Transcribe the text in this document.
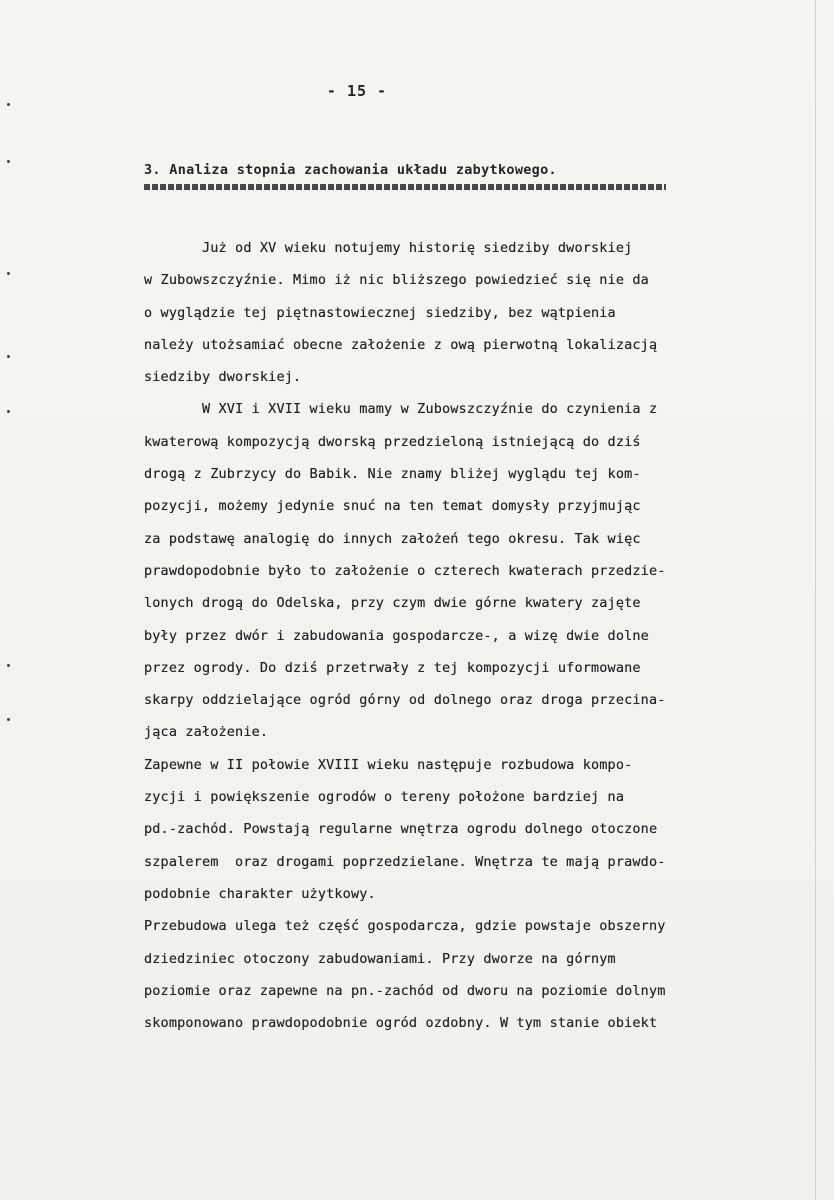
- 15 -
3. Analiza stopnia zachowania układu zabytkowego.
Już od XV wieku notujemy historię siedziby dworskiej
w Zubowszczyźnie. Mimo iż nic bliższego powiedzieć się nie da
o wyglądzie tej piętnastowiecznej siedziby, bez wątpienia
należy utożsamiać obecne założenie z ową pierwotną lokalizacją
siedziby dworskiej.
W XVI i XVII wieku mamy w Zubowszczyźnie do czynienia z
kwaterową kompozycją dworską przedzieloną istniejącą do dziś
drogą z Zubrzycy do Babik. Nie znamy bliżej wyglądu tej kom-
pozycji, możemy jedynie snuć na ten temat domysły przyjmując
za podstawę analogię do innych założeń tego okresu. Tak więc
prawdopodobnie było to założenie o czterech kwaterach przedzie-
lonych drogą do Odelska, przy czym dwie górne kwatery zajęte
były przez dwór i zabudowania gospodarcze-, a wizę dwie dolne
przez ogrody. Do dziś przetrwały z tej kompozycji uformowane
skarpy oddzielające ogród górny od dolnego oraz droga przecina-
jąca założenie.
Zapewne w II połowie XVIII wieku następuje rozbudowa kompo-
zycji i powiększenie ogrodów o tereny położone bardziej na
pd.-zachód. Powstają regularne wnętrza ogrodu dolnego otoczone
szpalerem  oraz drogami poprzedzielane. Wnętrza te mają prawdo-
podobnie charakter użytkowy.
Przebudowa ulega też część gospodarcza, gdzie powstaje obszerny
dziedziniec otoczony zabudowaniami. Przy dworze na górnym
poziomie oraz zapewne na pn.-zachód od dworu na poziomie dolnym
skomponowano prawdopodobnie ogród ozdobny. W tym stanie obiekt
